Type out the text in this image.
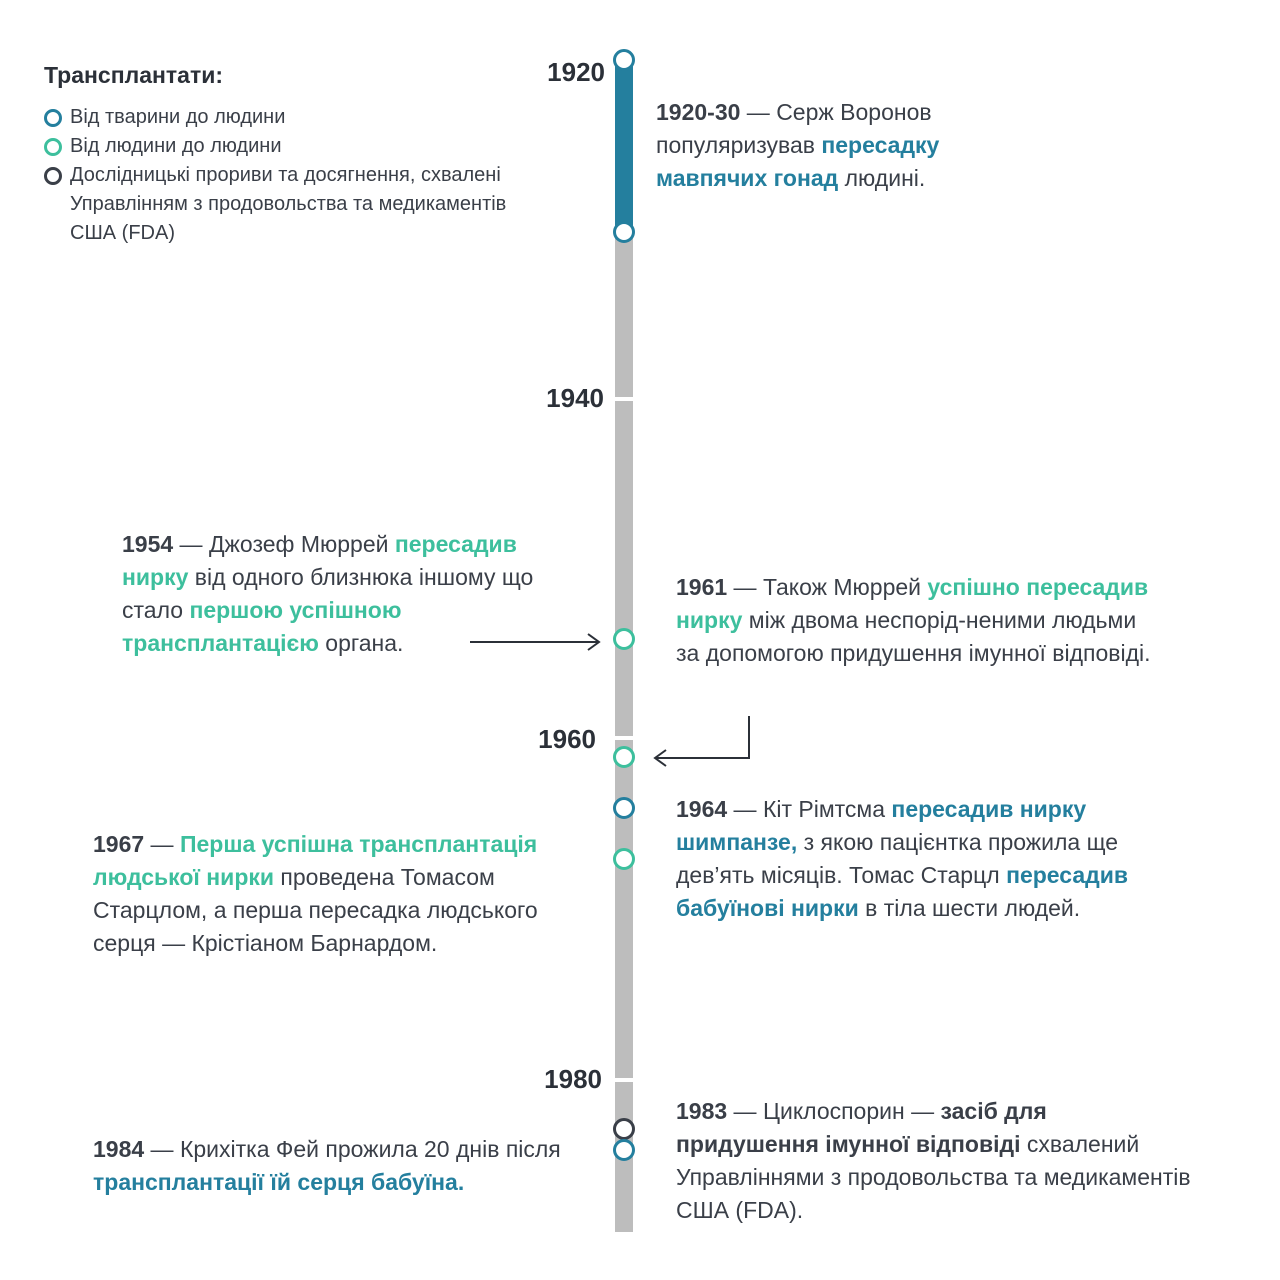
Трансплантати:
Від тварини до людини
Від людини до людини
Дослідницькі прориви та досягнення, схвалені Управлінням з продовольства та медикаментів США (FDA)
1920
1940
1960
1980
1920-30 — Серж Воронов популяризував пересадку мавпячих гонад людині.
1954 — Джозеф Мюррей пересадив нирку від одного близнюка іншому що стало першою успішною трансплантацією органа.
1961 — Також Мюррей успішно пересадив нирку між двома неспорід-неними людьми за допомогою придушення імунної відповіді.
1964 — Кіт Рімтсма пересадив нирку шимпанзе, з якою пацієнтка прожила ще дев’ять місяців. Томас Старцл пересадив бабуїнові нирки в тіла шести людей.
1967 — Перша успішна трансплантація людської нирки проведена Томасом Старцлом, а перша пересадка людського серця — Крістіаном Барнардом.
1983 — Циклоспорин — засіб для придушення імунної відповіді схвалений Управліннями з продовольства та медикаментів США (FDA).
1984 — Крихітка Фей прожила 20 днів після трансплантації їй серця бабуїна.
